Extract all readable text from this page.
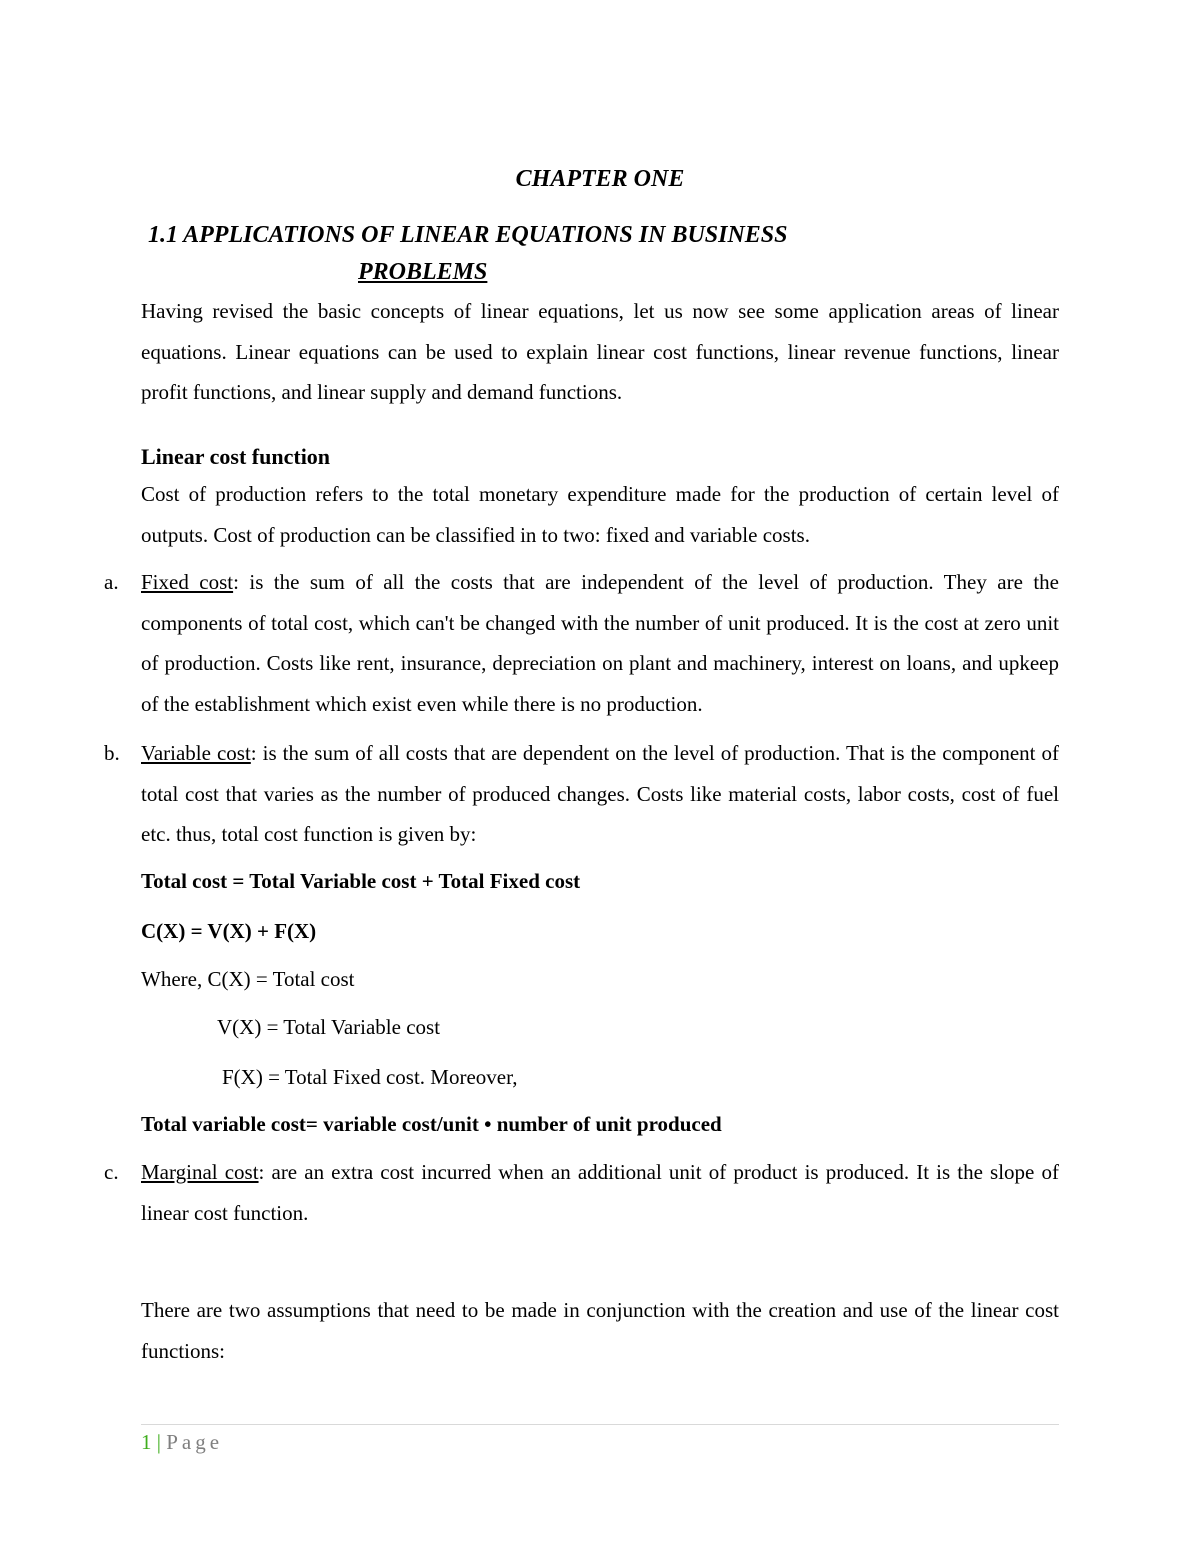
CHAPTER ONE
1.1 APPLICATIONS OF LINEAR EQUATIONS IN BUSINESS
PROBLEMS
Having revised the basic concepts of linear equations, let us now see some application areas of linear equations. Linear equations can be used to explain linear cost functions, linear revenue functions, linear profit functions, and linear supply and demand functions.
Linear cost function
Cost of production refers to the total monetary expenditure made for the production of certain level of outputs. Cost of production can be classified in to two: fixed and variable costs.
a. Fixed cost: is the sum of all the costs that are independent of the level of production. They are the components of total cost, which can't be changed with the number of unit produced. It is the cost at zero unit of production. Costs like rent, insurance, depreciation on plant and machinery, interest on loans, and upkeep of the establishment which exist even while there is no production.
b. Variable cost: is the sum of all costs that are dependent on the level of production. That is the component of total cost that varies as the number of produced changes. Costs like material costs, labor costs, cost of fuel etc. thus, total cost function is given by:
Total cost = Total Variable cost + Total Fixed cost
C(X) = V(X) + F(X)
Where, C(X) = Total cost
V(X) = Total Variable cost
F(X) = Total Fixed cost. Moreover,
Total variable cost= variable cost/unit • number of unit produced
c. Marginal cost: are an extra cost incurred when an additional unit of product is produced. It is the slope of linear cost function.
There are two assumptions that need to be made in conjunction with the creation and use of the linear cost functions:
1 | Page
